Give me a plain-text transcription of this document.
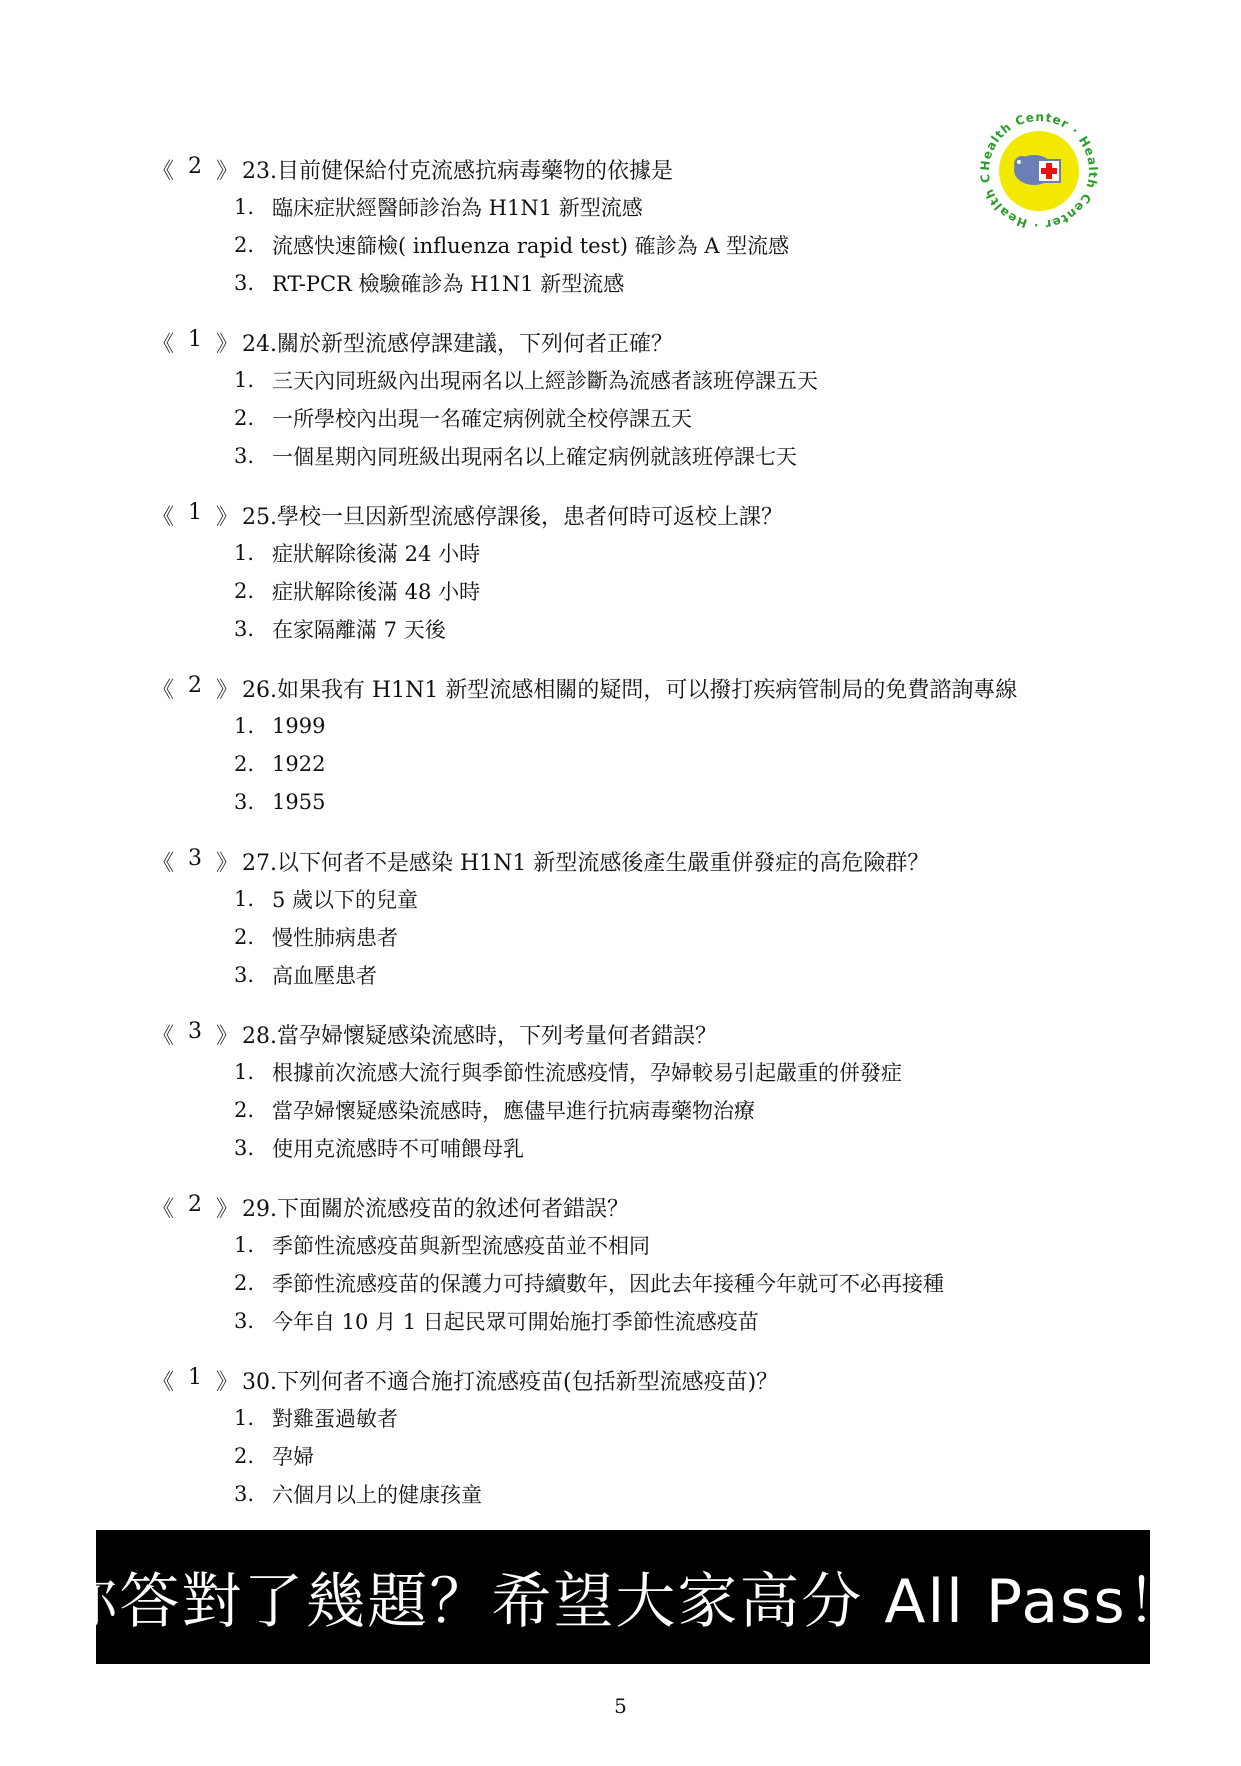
Health Center · Health Center · Health C
《 2 》 23.目前健保給付克流感抗病毒藥物的依據是
1. 臨床症狀經醫師診治為 H1N1 新型流感
2. 流感快速篩檢( influenza rapid test) 確診為 A 型流感
3. RT-PCR 檢驗確診為 H1N1 新型流感
《 1 》 24.關於新型流感停課建議，下列何者正確？
1. 三天內同班級內出現兩名以上經診斷為流感者該班停課五天
2. 一所學校內出現一名確定病例就全校停課五天
3. 一個星期內同班級出現兩名以上確定病例就該班停課七天
《 1 》 25.學校一旦因新型流感停課後，患者何時可返校上課？
1. 症狀解除後滿 24 小時
2. 症狀解除後滿 48 小時
3. 在家隔離滿 7 天後
《 2 》 26.如果我有 H1N1 新型流感相關的疑問，可以撥打疾病管制局的免費諮詢專線
1. 1999
2. 1922
3. 1955
《 3 》 27.以下何者不是感染 H1N1 新型流感後產生嚴重併發症的高危險群？
1. 5 歲以下的兒童
2. 慢性肺病患者
3. 高血壓患者
《 3 》 28.當孕婦懷疑感染流感時，下列考量何者錯誤？
1. 根據前次流感大流行與季節性流感疫情，孕婦較易引起嚴重的併發症
2. 當孕婦懷疑感染流感時，應儘早進行抗病毒藥物治療
3. 使用克流感時不可哺餵母乳
《 2 》 29.下面關於流感疫苗的敘述何者錯誤？
1. 季節性流感疫苗與新型流感疫苗並不相同
2. 季節性流感疫苗的保護力可持續數年，因此去年接種今年就可不必再接種
3. 今年自 10 月 1 日起民眾可開始施打季節性流感疫苗
《 1 》 30.下列何者不適合施打流感疫苗(包括新型流感疫苗)？
1. 對雞蛋過敏者
2. 孕婦
3. 六個月以上的健康孩童
你答對了幾題？希望大家高分 All Pass！
5
